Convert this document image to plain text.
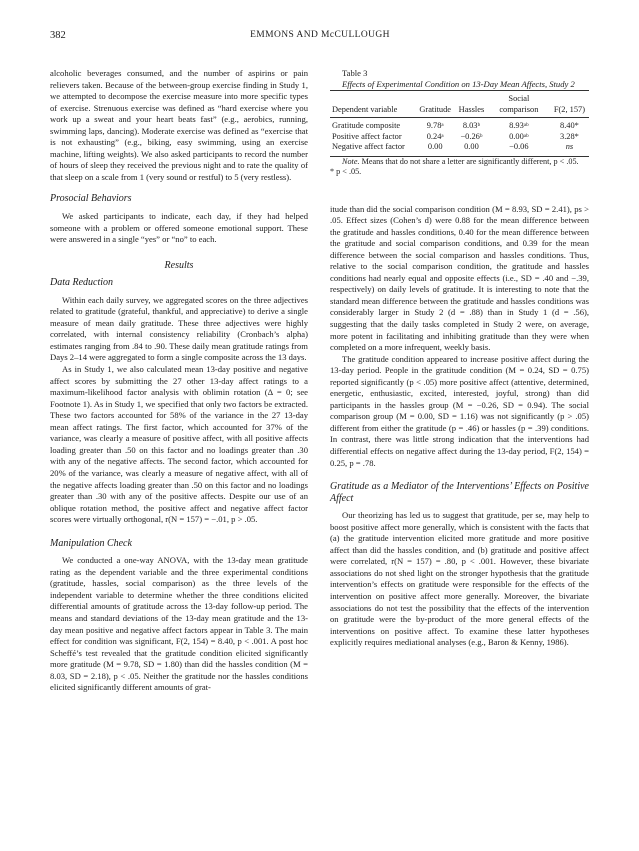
382	EMMONS AND McCULLOUGH

alcoholic beverages consumed, and the number of aspirins or pain relievers taken. Because of the between-group exercise finding in Study 1, we attempted to decompose the exercise measure into more specific types of exercise. Strenuous exercise was defined as “hard exercise where you work up a sweat and your heart beats fast” (e.g., aerobics, running, swimming laps, dancing). Moderate exercise was defined as “exercise that is not exhausting” (e.g., biking, easy swimming, using an exercise machine, lifting weights). We also asked participants to record the number of hours of sleep they received the previous night and to rate the quality of that sleep on a scale from 1 (very sound or restful) to 5 (very restless).

Prosocial Behaviors

We asked participants to indicate, each day, if they had helped someone with a problem or offered someone emotional support. These were answered in a single “yes” or “no” to each.

Results
Data Reduction

Within each daily survey, we aggregated scores on the three adjectives related to gratitude (grateful, thankful, and appreciative) to derive a single measure of mean daily gratitude. These three adjectives were highly correlated, with internal consistency reliability (Cronbach’s alpha) estimates ranging from .84 to .90. These daily mean gratitude ratings from Days 2–14 were aggregated to form a single composite across the 13 days.

As in Study 1, we also calculated mean 13-day positive and negative affect scores by submitting the 27 other 13-day affect ratings to a maximum-likelihood factor analysis with oblimin rotation (Δ = 0; see Footnote 1). As in Study 1, we specified that only two factors be extracted. These two factors accounted for 58% of the variance in the 27 13-day mean affect ratings. The first factor, which accounted for 37% of the variance, was clearly a measure of positive affect, with all positive affects loading greater than .50 on this factor and no loadings greater than .30 with any of the negative affects. The second factor, which accounted for 20% of the variance, was clearly a measure of negative affect, with all of the negative affects loading greater than .50 on this factor and no loadings greater than .30 with any of the positive affects. Despite our use of an oblique rotation method, the positive affect and negative affect factor scores were virtually orthogonal, r(N = 157) = −.01, p > .05.

Manipulation Check

We conducted a one-way ANOVA, with the 13-day mean gratitude rating as the dependent variable and the three experimental conditions (gratitude, hassles, social comparison) as the three levels of the independent variable to determine whether the three conditions elicited differential amounts of gratitude across the 13-day follow-up period. The means and standard deviations of the 13-day mean gratitude and the 13-day mean positive and negative affect factors appear in Table 3. The main effect for condition was significant, F(2, 154) = 8.40, p < .001. A post hoc Scheffé’s test revealed that the gratitude condition elicited significantly more gratitude (M = 9.78, SD = 1.80) than did the hassles condition (M = 8.03, SD = 2.18), p < .05. Neither the gratitude nor the hassles conditions elicited significantly different amounts of grat-

Table 3

Effects of Experimental Condition on 13-Day Mean Affects, Study 2

Dependent variable	Gratitude	Hassles	Social comparison	F(2, 157)
Gratitude composite	9.78ᵃ	8.03ᵇ	8.93ᵃᵇ	8.40*
Positive affect factor	0.24ᵃ	−0.26ᵇ	0.00ᵃᵇ	3.28*
Negative affect factor	0.00	0.00	−0.06	ns

Note. Means that do not share a letter are significantly different, p < .05.
* p < .05.

itude than did the social comparison condition (M = 8.93, SD = 2.41), ps > .05. Effect sizes (Cohen’s d) were 0.88 for the mean difference between the gratitude and hassles conditions, 0.40 for the mean difference between the gratitude and social comparison conditions, and 0.39 for the mean difference between the social comparison and hassles conditions. Thus, relative to the social comparison condition, the gratitude and hassles conditions had nearly equal and opposite effects (i.e., SD = .40 and −.39, respectively) on daily levels of gratitude. It is interesting to note that the standard mean difference between the gratitude and hassles conditions was considerably larger in Study 2 (d = .88) than in Study 1 (d = .56), suggesting that the daily tasks completed in Study 2 were, on average, more potent in facilitating and inhibiting gratitude than they were when completed on a more infrequent, weekly basis.

The gratitude condition appeared to increase positive affect during the 13-day period. People in the gratitude condition (M = 0.24, SD = 0.75) reported significantly (p < .05) more positive affect (attentive, determined, energetic, enthusiastic, excited, interested, joyful, strong) than did participants in the hassles group (M = −0.26, SD = 0.94). The social comparison group (M = 0.00, SD = 1.16) was not significantly (p > .05) different from either the gratitude (p = .46) or hassles (p = .39) conditions. In contrast, there was little strong indication that the interventions had differential effects on negative affect during the 13-day period, F(2, 154) = 0.25, p = .78.

Gratitude as a Mediator of the Interventions’ Effects on Positive Affect

Our theorizing has led us to suggest that gratitude, per se, may help to boost positive affect more generally, which is consistent with the facts that (a) the gratitude intervention elicited more gratitude and more positive affect than did the hassles condition, and (b) gratitude and positive affect were correlated, r(N = 157) = .80, p < .001. However, these bivariate associations do not shed light on the stronger hypothesis that the gratitude intervention’s effects on gratitude were responsible for the effects of the intervention on positive affect more generally. Moreover, the bivariate associations do not test the possibility that the effects of the intervention on gratitude were the by-product of the more general effects of the interventions on positive affect. To examine these latter hypotheses explicitly requires mediational analyses (e.g., Baron & Kenny, 1986).
